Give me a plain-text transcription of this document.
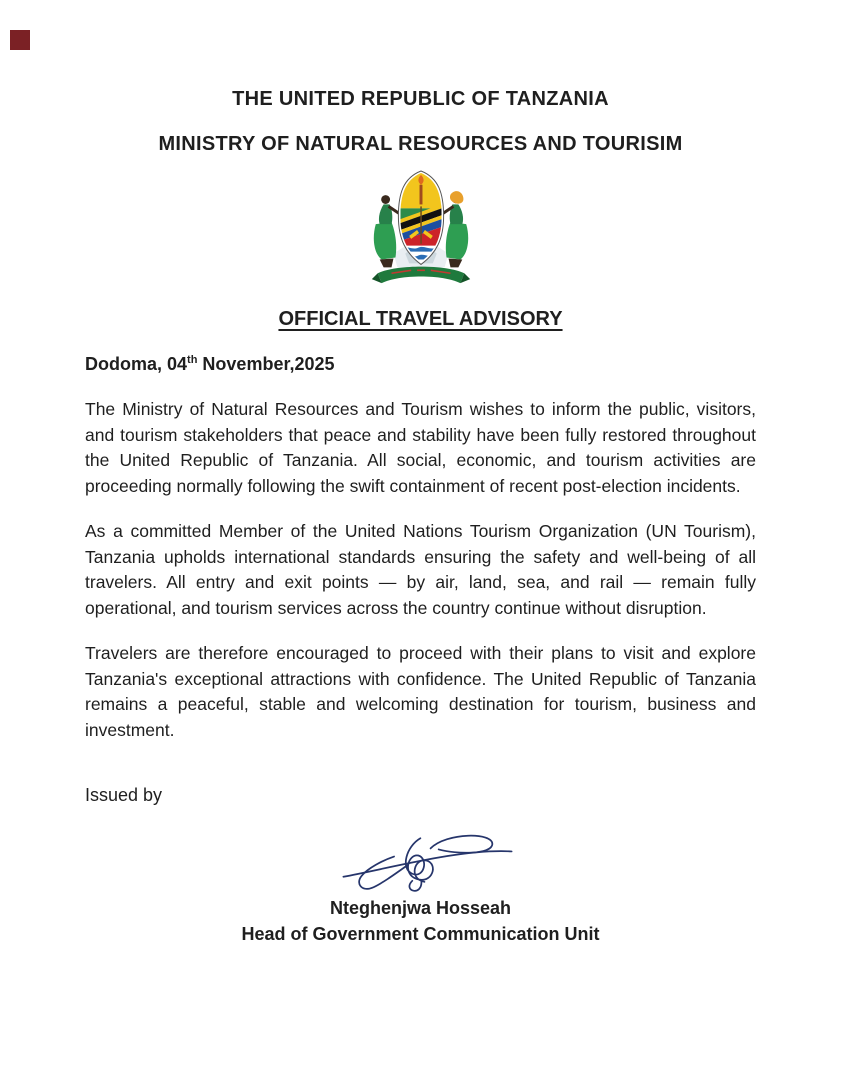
THE UNITED REPUBLIC OF TANZANIA
MINISTRY OF NATURAL RESOURCES AND TOURISIM
OFFICIAL TRAVEL ADVISORY
Dodoma, 04th November,2025

The Ministry of Natural Resources and Tourism wishes to inform the public, visitors, and tourism stakeholders that peace and stability have been fully restored throughout the United Republic of Tanzania. All social, economic, and tourism activities are proceeding normally following the swift containment of recent post-election incidents.

As a committed Member of the United Nations Tourism Organization (UN Tourism), Tanzania upholds international standards ensuring the safety and well-being of all travelers. All entry and exit points — by air, land, sea, and rail — remain fully operational, and tourism services across the country continue without disruption.

Travelers are therefore encouraged to proceed with their plans to visit and explore Tanzania's exceptional attractions with confidence. The United Republic of Tanzania remains a peaceful, stable and welcoming destination for tourism, business and investment.

Issued by
Nteghenjwa Hosseah
Head of Government Communication Unit
